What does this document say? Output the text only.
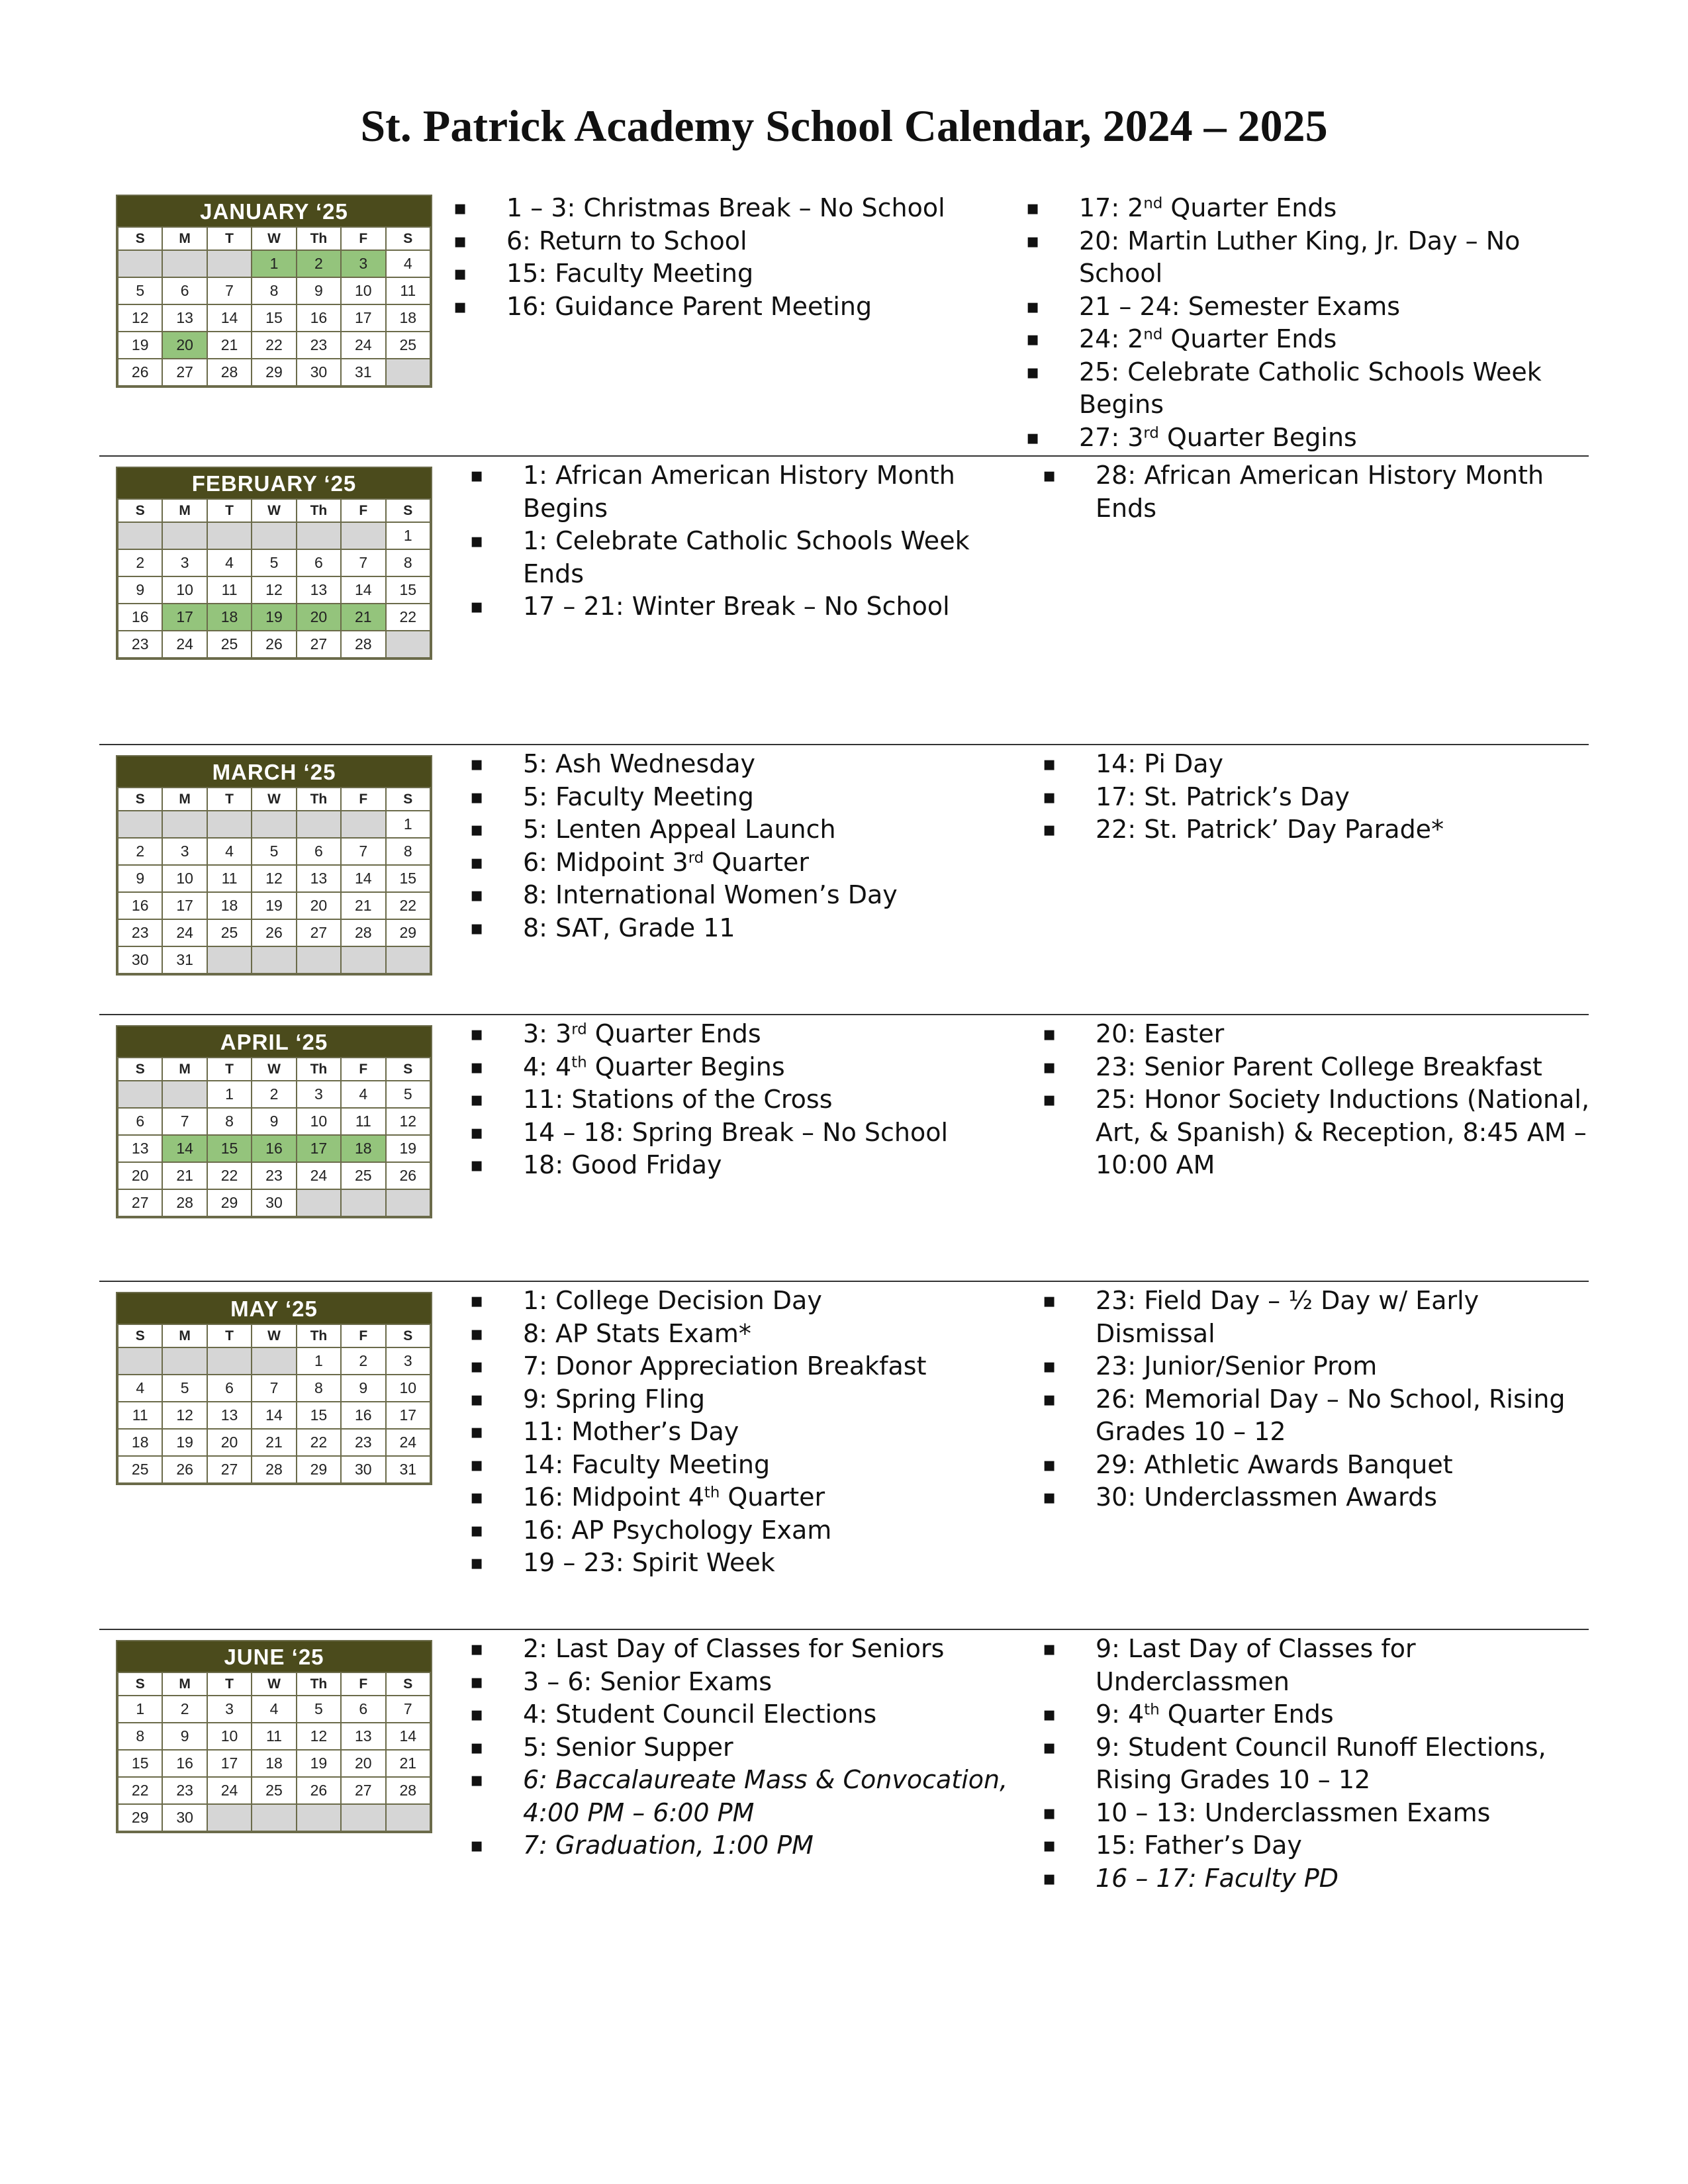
St. Patrick Academy School Calendar, 2024 – 2025
JANUARY ‘25
S	M	T	W	Th	F	S
			1	2	3	4
5	6	7	8	9	10	11
12	13	14	15	16	17	18
19	20	21	22	23	24	25
26	27	28	29	30	31	
▪ 1 – 3: Christmas Break – No School
▪ 6: Return to School
▪ 15: Faculty Meeting
▪ 16: Guidance Parent Meeting
▪ 17: 2nd Quarter Ends
▪ 20: Martin Luther King, Jr. Day – No School
▪ 21 – 24: Semester Exams
▪ 24: 2nd Quarter Ends
▪ 25: Celebrate Catholic Schools Week Begins
▪ 27: 3rd Quarter Begins
FEBRUARY ‘25
S	M	T	W	Th	F	S
						1
2	3	4	5	6	7	8
9	10	11	12	13	14	15
16	17	18	19	20	21	22
23	24	25	26	27	28	
▪ 1: African American History Month Begins
▪ 1: Celebrate Catholic Schools Week Ends
▪ 17 – 21: Winter Break – No School
▪ 28: African American History Month Ends
MARCH ‘25
S	M	T	W	Th	F	S
						1
2	3	4	5	6	7	8
9	10	11	12	13	14	15
16	17	18	19	20	21	22
23	24	25	26	27	28	29
30	31					
▪ 5: Ash Wednesday
▪ 5: Faculty Meeting
▪ 5: Lenten Appeal Launch
▪ 6: Midpoint 3rd Quarter
▪ 8: International Women’s Day
▪ 8: SAT, Grade 11
▪ 14: Pi Day
▪ 17: St. Patrick’s Day
▪ 22: St. Patrick’ Day Parade*
APRIL ‘25
S	M	T	W	Th	F	S
		1	2	3	4	5
6	7	8	9	10	11	12
13	14	15	16	17	18	19
20	21	22	23	24	25	26
27	28	29	30			
▪ 3: 3rd Quarter Ends
▪ 4: 4th Quarter Begins
▪ 11: Stations of the Cross
▪ 14 – 18: Spring Break – No School
▪ 18: Good Friday
▪ 20: Easter
▪ 23: Senior Parent College Breakfast
▪ 25: Honor Society Inductions (National, Art, & Spanish) & Reception, 8:45 AM – 10:00 AM
MAY ‘25
S	M	T	W	Th	F	S
				1	2	3
4	5	6	7	8	9	10
11	12	13	14	15	16	17
18	19	20	21	22	23	24
25	26	27	28	29	30	31
▪ 1: College Decision Day
▪ 8: AP Stats Exam*
▪ 7: Donor Appreciation Breakfast
▪ 9: Spring Fling
▪ 11: Mother’s Day
▪ 14: Faculty Meeting
▪ 16: Midpoint 4th Quarter
▪ 16: AP Psychology Exam
▪ 19 – 23: Spirit Week
▪ 23: Field Day – ½ Day w/ Early Dismissal
▪ 23: Junior/Senior Prom
▪ 26: Memorial Day – No School, Rising Grades 10 – 12
▪ 29: Athletic Awards Banquet
▪ 30: Underclassmen Awards
JUNE ‘25
S	M	T	W	Th	F	S
1	2	3	4	5	6	7
8	9	10	11	12	13	14
15	16	17	18	19	20	21
22	23	24	25	26	27	28
29	30					
▪ 2: Last Day of Classes for Seniors
▪ 3 – 6: Senior Exams
▪ 4: Student Council Elections
▪ 5: Senior Supper
▪ 6: Baccalaureate Mass & Convocation, 4:00 PM – 6:00 PM
▪ 7: Graduation, 1:00 PM
▪ 9: Last Day of Classes for Underclassmen
▪ 9: 4th Quarter Ends
▪ 9: Student Council Runoff Elections, Rising Grades 10 – 12
▪ 10 – 13: Underclassmen Exams
▪ 15: Father’s Day
▪ 16 – 17: Faculty PD
